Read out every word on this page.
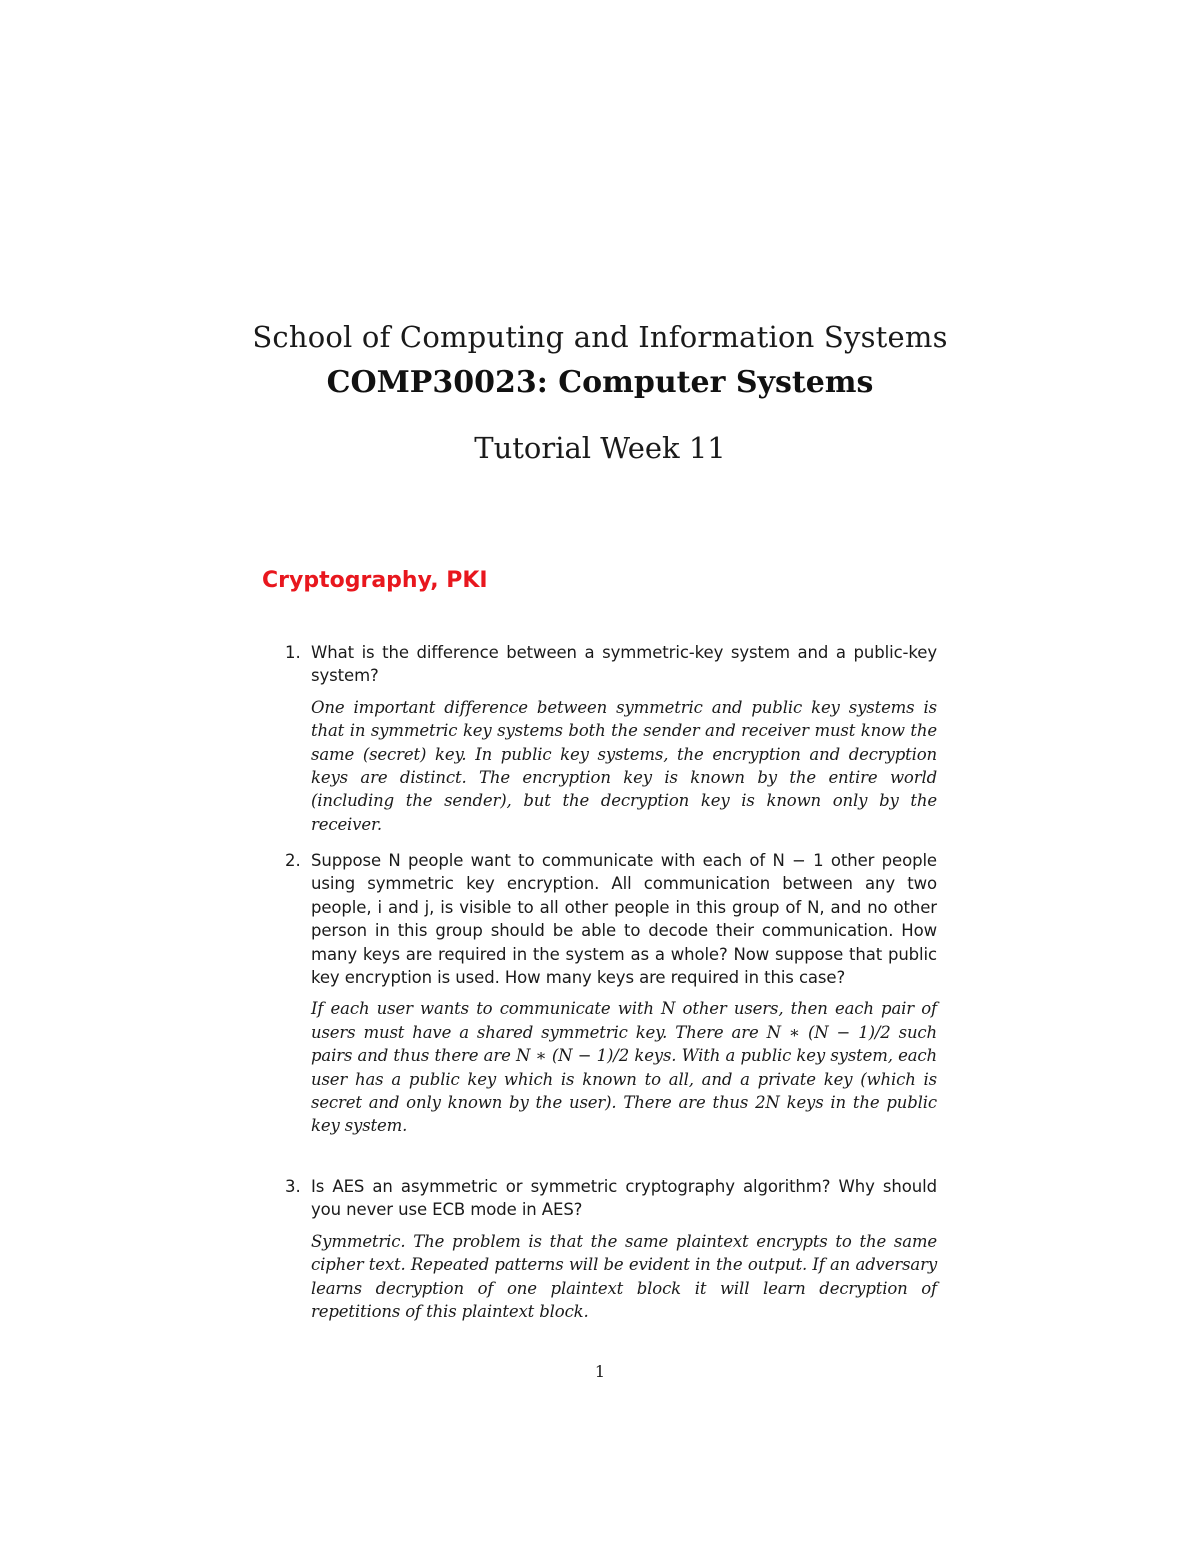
School of Computing and Information Systems
COMP30023: Computer Systems
Tutorial Week 11
Cryptography, PKI
1. What is the difference between a symmetric-key system and a public-key system?

One important difference between symmetric and public key systems is that in symmetric key systems both the sender and receiver must know the same (secret) key. In public key systems, the encryption and decryption keys are distinct. The encryption key is known by the entire world (including the sender), but the decryption key is known only by the receiver.

2. Suppose N people want to communicate with each of N − 1 other people using symmetric key encryption. All communication between any two people, i and j, is visible to all other people in this group of N, and no other person in this group should be able to decode their communication. How many keys are required in the system as a whole? Now suppose that public key encryption is used. How many keys are required in this case?

If each user wants to communicate with N other users, then each pair of users must have a shared symmetric key. There are N ∗ (N − 1)/2 such pairs and thus there are N ∗ (N − 1)/2 keys. With a public key system, each user has a public key which is known to all, and a private key (which is secret and only known by the user). There are thus 2N keys in the public key system.

3. Is AES an asymmetric or symmetric cryptography algorithm? Why should you never use ECB mode in AES?

Symmetric. The problem is that the same plaintext encrypts to the same cipher text. Repeated patterns will be evident in the output. If an adversary learns decryption of one plaintext block it will learn decryption of repetitions of this plaintext block.

1
